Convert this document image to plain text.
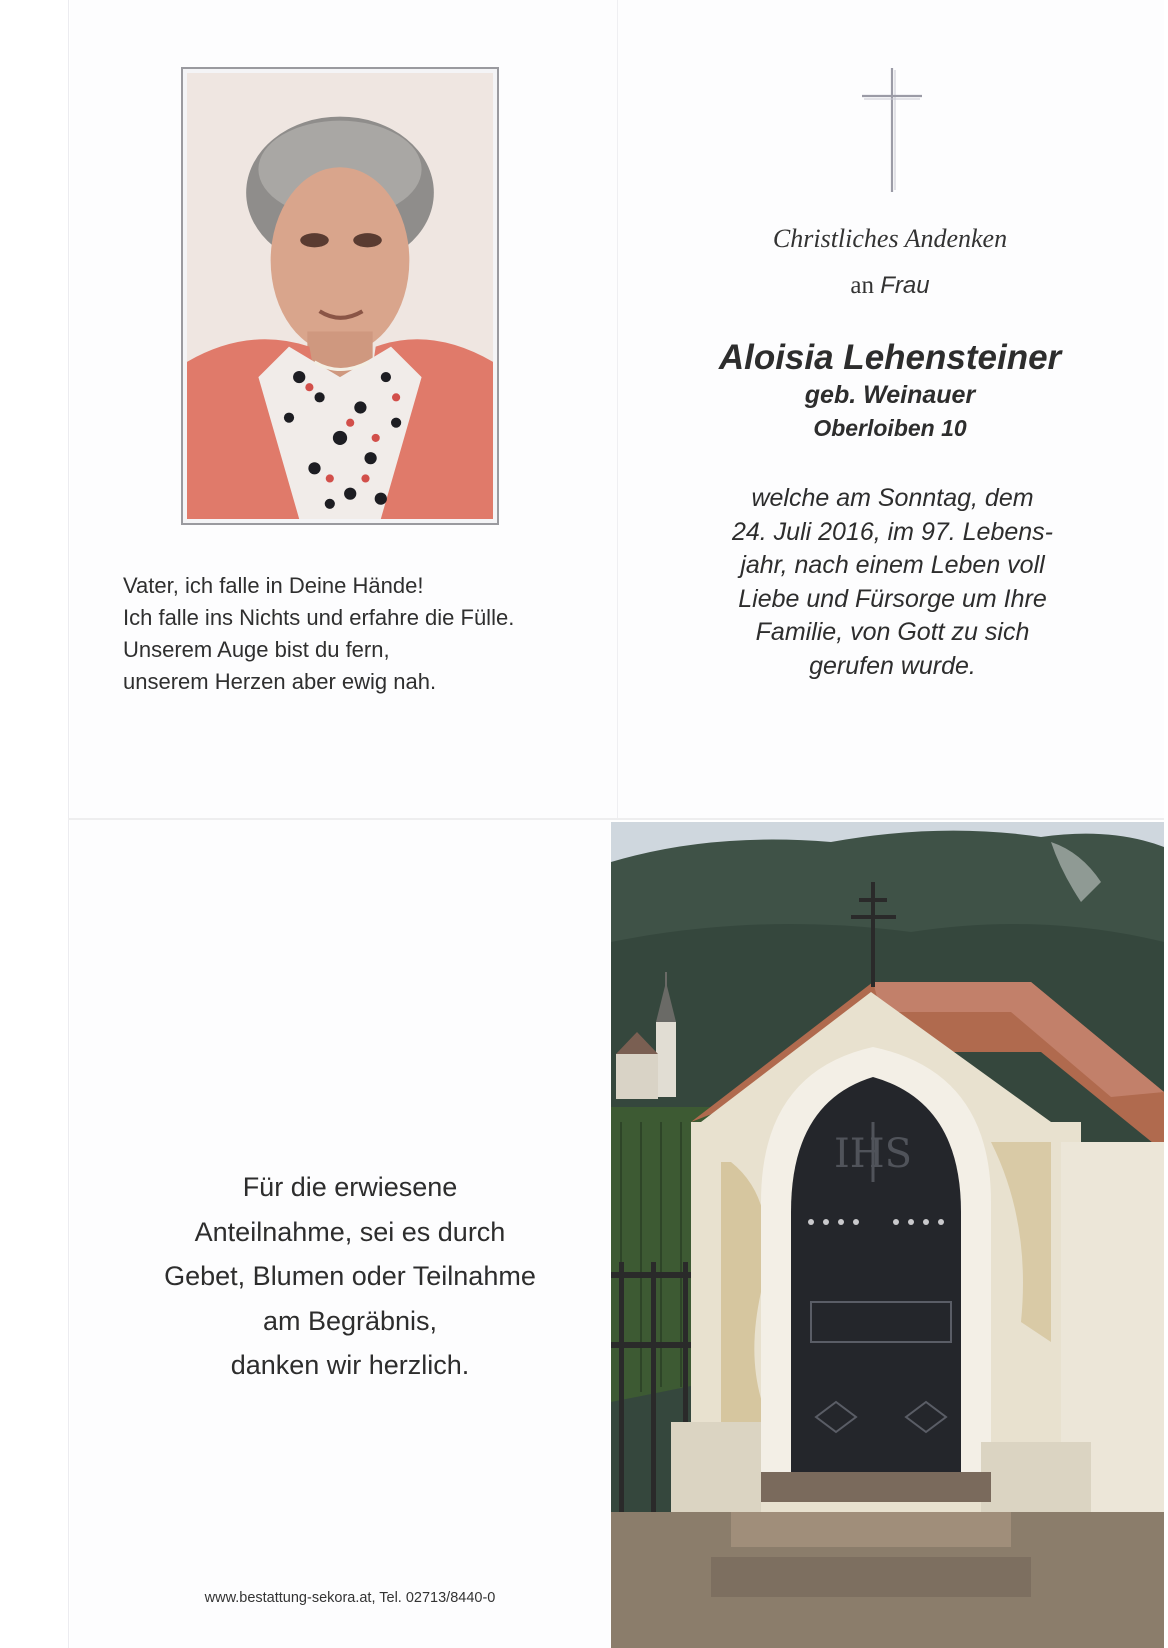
Vater, ich falle in Deine Hände!
Ich falle ins Nichts und erfahre die Fülle.
Unserem Auge bist du fern,
unserem Herzen aber ewig nah.
Christliches Andenken
an Frau
Aloisia Lehensteiner
geb. Weinauer
Oberloiben 10
welche am Sonntag, dem
24. Juli 2016, im 97. Lebens-
jahr, nach einem Leben voll
Liebe und Fürsorge um Ihre
Familie, von Gott zu sich
gerufen wurde.
Für die erwiesene
Anteilnahme, sei es durch
Gebet, Blumen oder Teilnahme
am Begräbnis,
danken wir herzlich.
www.bestattung-sekora.at, Tel. 02713/8440-0
IHS
